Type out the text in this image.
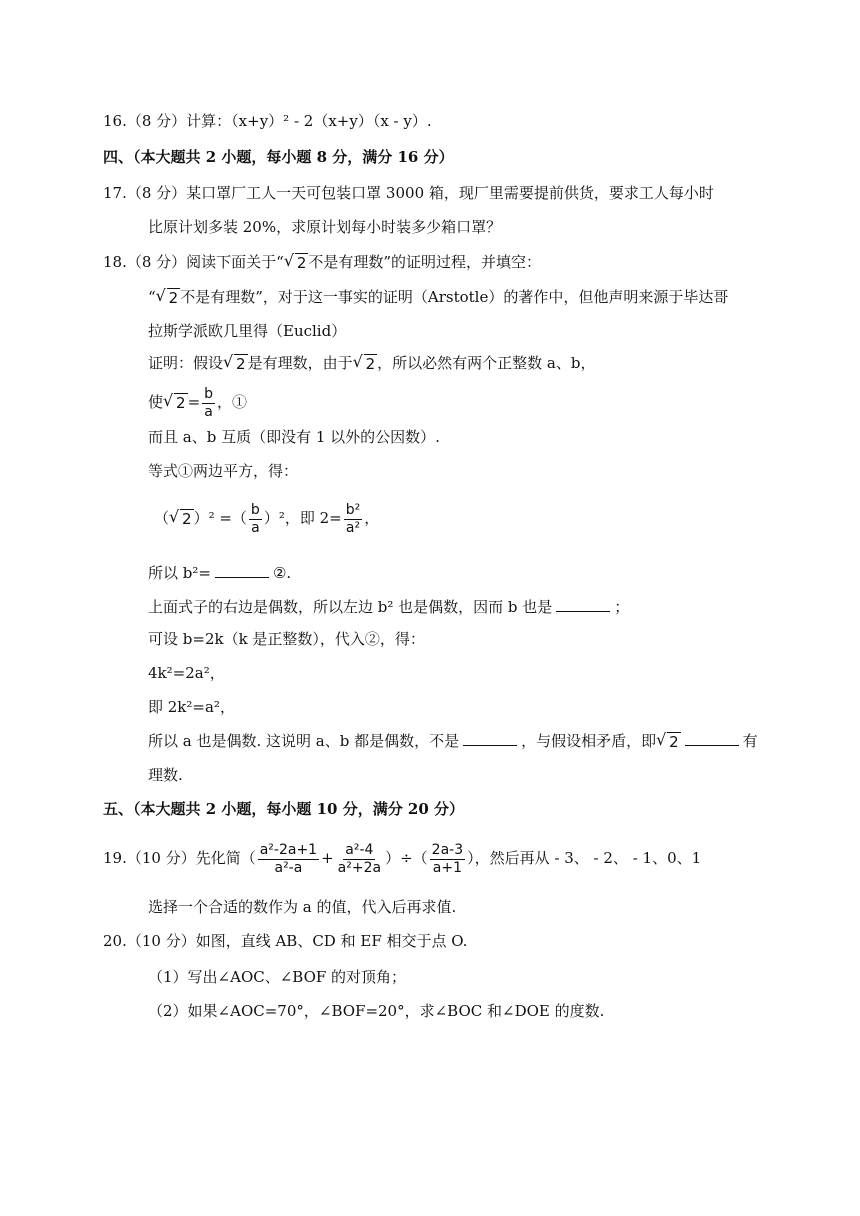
16.（8 分）计算：（x+y）² - 2（x+y）（x - y）.
四、（本大题共 2 小题，每小题 8 分，满分 16 分）
17.（8 分）某口罩厂工人一天可包装口罩 3000 箱，现厂里需要提前供货，要求工人每小时
比原计划多装 20%，求原计划每小时装多少箱口罩？
18.（8 分）阅读下面关于“ √ 2 不是有理数”的证明过程，并填空：
“ √ 2 不是有理数”，对于这一事实的证明（Arstotle）的著作中，但他声明来源于毕达哥
拉斯学派欧几里得（Euclid）
证明：假设 √ 2 是有理数，由于 √ 2 ，所以必然有两个正整数 a、b，
使 √ $2 = \frac{b}{a}$ ，①
而且 a、b 互质（即没有 1 以外的公因数）.
等式①两边平方，得：
（ √ 2 ）² =（ $\frac{b}{a} )^2$，即 $2= \frac{\text{b²}}{\text{a²}}$ ，
所以 b²=	②.
上面式子的右边是偶数，所以左边 b² 也是偶数，因而 b 也是	；
可设 b=2k（k 是正整数），代入②，得：
4k²=2a²，
即 2k²=a²，
所以 a 也是偶数. 这说明 a、b 都是偶数，不是	，与假设相矛盾，即 √ 2	有
理数.
五、（本大题共 2 小题，每小题 10 分，满分 20 分）
19.（10 分）先化简（ $\frac{\text{a²-2a+1}}{\text{a²-a}} + \frac{\text{a²-4}}{\text{a²+2a}}$ ）÷（ $\frac{2a-3}{a+1}$ ），然后再从 - 3、 - 2、 - 1、0、1
选择一个合适的数作为 a 的值，代入后再求值.
20.（10 分）如图，直线 AB、CD 和 EF 相交于点 O.
（1）写出∠AOC、∠BOF 的对顶角；
（2）如果∠AOC=70°，∠BOF=20°，求∠BOC 和∠DOE 的度数.
